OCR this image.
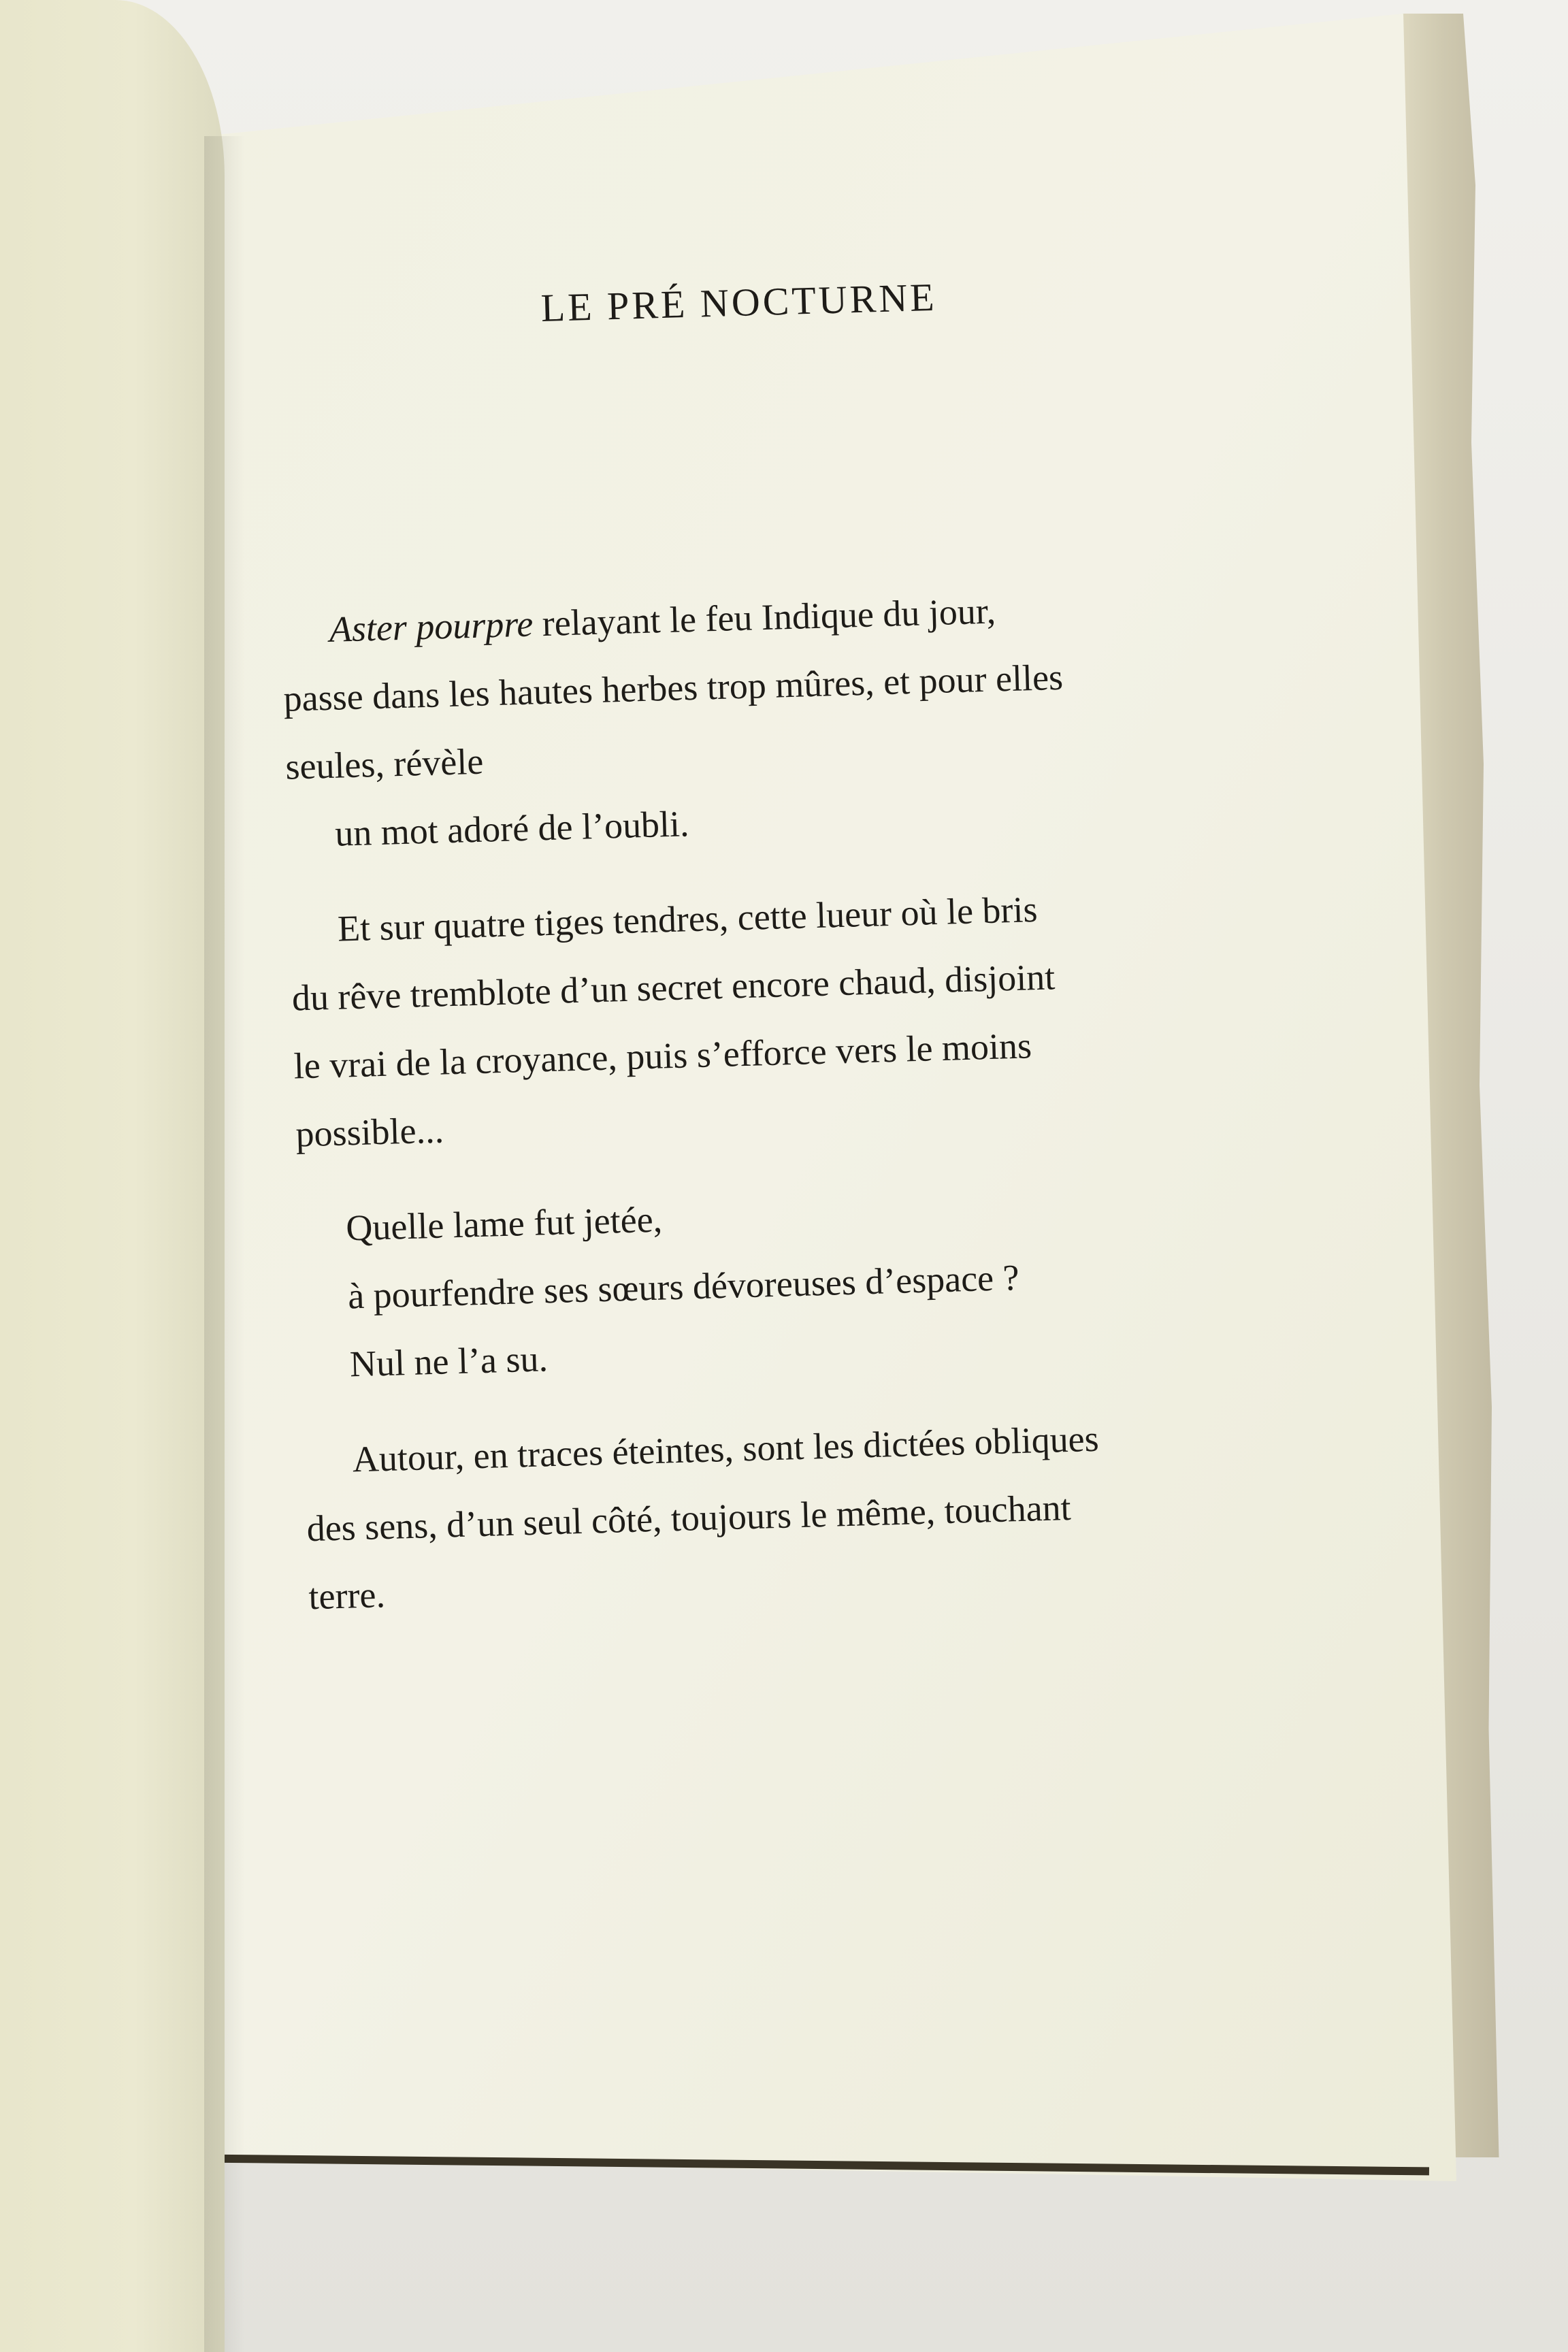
LE PRÉ NOCTURNE
Aster pourpre relayant le feu Indique du jour,
passe dans les hautes herbes trop mûres, et pour elles
seules, révèle
un mot adoré de l’oubli.
Et sur quatre tiges tendres, cette lueur où le bris
du rêve tremblote d’un secret encore chaud, disjoint
le vrai de la croyance, puis s’efforce vers le moins
possible...
Quelle lame fut jetée,
à pourfendre ses sœurs dévoreuses d’espace ?
Nul ne l’a su.
Autour, en traces éteintes, sont les dictées obliques
des sens, d’un seul côté, toujours le même, touchant
terre.
